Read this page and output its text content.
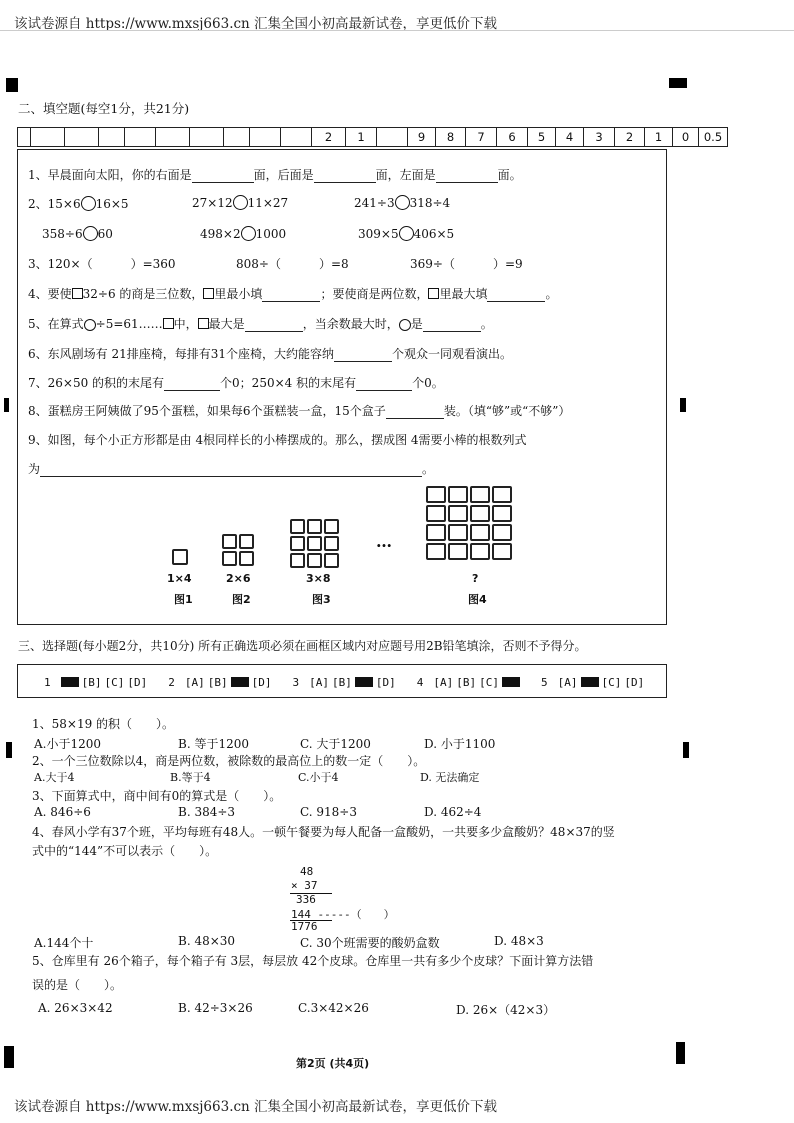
该试卷源自 https://www.mxsj663.cn 汇集全国小初高最新试卷，享更低价下载
二、填空题(每空1分，共21分)
										2	1		9	8	7	6	5	4	3	2	1	0	0.5
1、早晨面向太阳，你的右面是	面，后面是	面，左面是	面。
2、15×6 16×5	27×12 11×27	241÷3 318÷4
358÷6 60	498×2 1000	309×5 406×5
3、120×（	）=360	808÷（	）=8	369÷（	）=9
4、要使 32÷6 的商是三位数， 里最小填	；要使商是两位数， 里最大填	。
5、在算式 ÷5=61…… 中， 最大是	，当余数最大时， 是	。
6、东风剧场有 21排座椅，每排有31个座椅，大约能容纳	个观众一同观看演出。
7、26×50 的积的末尾有	个0；250×4 积的末尾有	个0。
8、蛋糕房王阿姨做了95个蛋糕，如果每6个蛋糕装一盒，15个盒子	装。（填“够”或“不够”）
9、如图，每个小正方形都是由 4根同样长的小棒摆成的。那么，摆成图 4需要小棒的根数列式
为	。
…
1×4	2×6	3×8	?
图1	图2	图3	图4
三、选择题(每小题2分，共10分) 所有正确选项必须在画框区域内对应题号用2B铅笔填涂，否则不予得分。
1	[B] [C] [D] 2 [A] [B] [D] 3 [A] [B] [D] 4 [A] [B] [C]	5 [A] [C] [D]
1、58×19 的积（　　）。
A.小于1200	B. 等于1200	C. 大于1200	D. 小于1100
2、一个三位数除以4，商是两位数，被除数的最高位上的数一定（　　）。
A.大于4	B.等于4	C.小于4	D. 无法确定
3、下面算式中，商中间有0的算式是（　　）。
A. 846÷6	B. 384÷3	C. 918÷3	D. 462÷4
4、春风小学有37个班，平均每班有48人。一顿午餐要为每人配备一盒酸奶，一共要多少盒酸奶？48×37的竖
式中的“144”不可以表示（　　）。
48
× 37
336
144 -----（　　）
1776
A.144个十	B. 48×30	C. 30个班需要的酸奶盒数	D. 48×3
5、仓库里有 26个箱子，每个箱子有 3层，每层放 42个皮球。仓库里一共有多少个皮球？下面计算方法错
误的是（　　）。
A. 26×3×42	B. 42÷3×26	C.3×42×26	D. 26×（42×3）
第2页 (共4页)
该试卷源自 https://www.mxsj663.cn 汇集全国小初高最新试卷，享更低价下载
